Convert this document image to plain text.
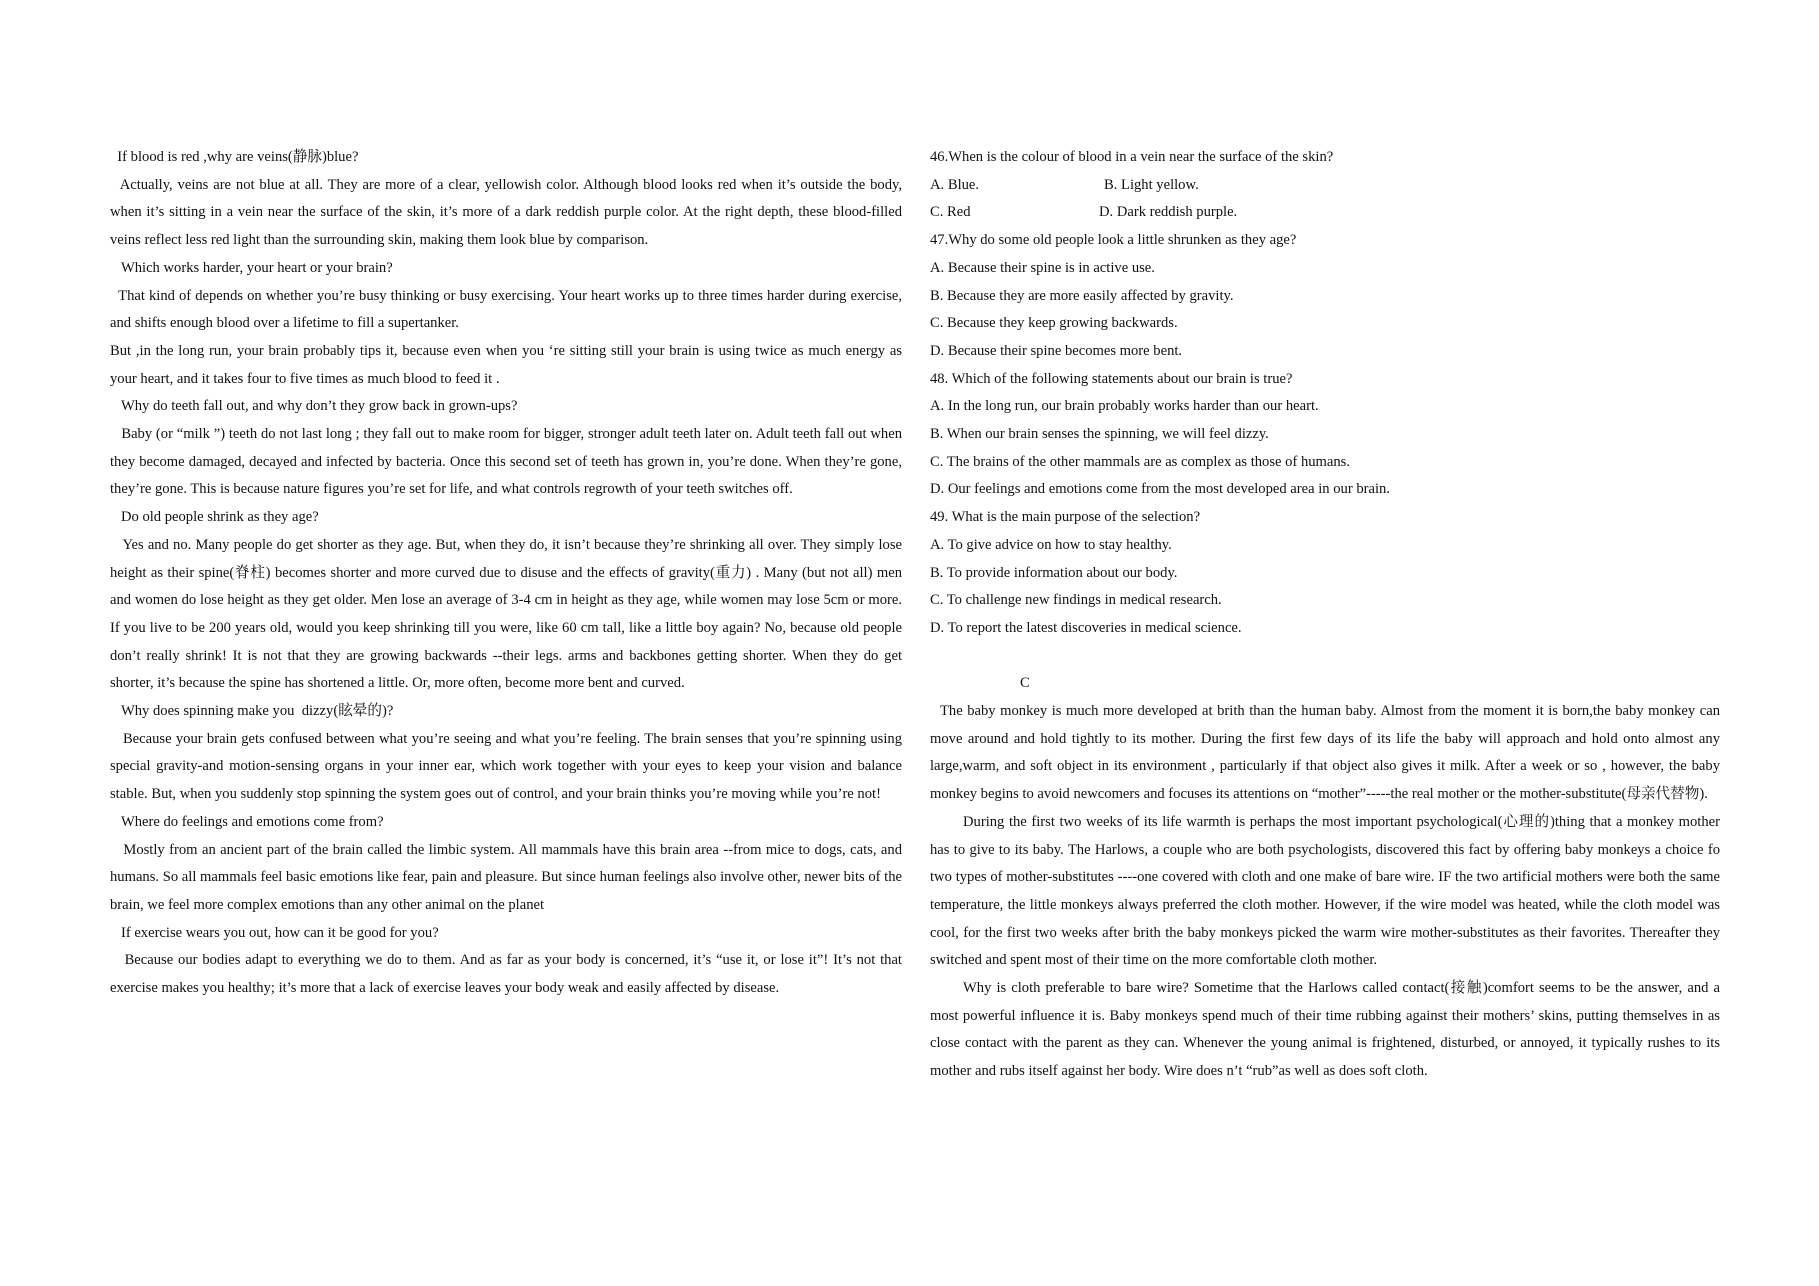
If blood is red ,why are veins(静脉)blue?

Actually, veins are not blue at all. They are more of a clear, yellowish color. Although blood looks red when it’s outside the body, when it’s sitting in a vein near the surface of the skin, it’s more of a dark reddish purple color. At the right depth, these blood-filled veins reflect less red light than the surrounding skin, making them look blue by comparison.

Which works harder, your heart or your brain?

That kind of depends on whether you’re busy thinking or busy exercising. Your heart works up to three times harder during exercise, and shifts enough blood over a lifetime to fill a supertanker.

But ,in the long run, your brain probably tips it, because even when you ‘re sitting still your brain is using twice as much energy as your heart, and it takes four to five times as much blood to feed it .

Why do teeth fall out, and why don’t they grow back in grown-ups?

Baby (or “milk ”) teeth do not last long ; they fall out to make room for bigger, stronger adult teeth later on. Adult teeth fall out when they become damaged, decayed and infected by bacteria. Once this second set of teeth has grown in, you’re done. When they’re gone, they’re gone. This is because nature figures you’re set for life, and what controls regrowth of your teeth switches off.

Do old people shrink as they age?

Yes and no. Many people do get shorter as they age. But, when they do, it isn’t because they’re shrinking all over. They simply lose height as their spine(脊柱) becomes shorter and more curved due to disuse and the effects of gravity(重力) . Many (but not all) men and women do lose height as they get older. Men lose an average of 3-4 cm in height as they age, while women may lose 5cm or more. If you live to be 200 years old, would you keep shrinking till you were, like 60 cm tall, like a little boy again? No, because old people don’t really shrink! It is not that they are growing backwards --their legs. arms and backbones getting shorter. When they do get shorter, it’s because the spine has shortened a little. Or, more often, become more bent and curved.

Why does spinning make you  dizzy(眩晕的)?

Because your brain gets confused between what you’re seeing and what you’re feeling. The brain senses that you’re spinning using special gravity-and motion-sensing organs in your inner ear, which work together with your eyes to keep your vision and balance stable. But, when you suddenly stop spinning the system goes out of control, and your brain thinks you’re moving while you’re not!

Where do feelings and emotions come from?

Mostly from an ancient part of the brain called the limbic system. All mammals have this brain area --from mice to dogs, cats, and humans. So all mammals feel basic emotions like fear, pain and pleasure. But since human feelings also involve other, newer bits of the brain, we feel more complex emotions than any other animal on the planet

If exercise wears you out, how can it be good for you?

Because our bodies adapt to everything we do to them. And as far as your body is concerned, it’s “use it, or lose it”! It’s not that exercise makes you healthy; it’s more that a lack of exercise leaves your body weak and easily affected by disease.

46.When is the colour of blood in a vein near the surface of the skin?

A. Blue.	B. Light yellow.
C. Red	D. Dark reddish purple.

47.Why do some old people look a little shrunken as they age?

A. Because their spine is in active use.

B. Because they are more easily affected by gravity.

C. Because they keep growing backwards.

D. Because their spine becomes more bent.

48. Which of the following statements about our brain is true?

A. In the long run, our brain probably works harder than our heart.

B. When our brain senses the spinning, we will feel dizzy.

C. The brains of the other mammals are as complex as those of humans.

D. Our feelings and emotions come from the most developed area in our brain.

49. What is the main purpose of the selection?

A. To give advice on how to stay healthy.

B. To provide information about our body.

C. To challenge new findings in medical research.

D. To report the latest discoveries in medical science.

C

The baby monkey is much more developed at brith than the human baby. Almost from the moment it is born,the baby monkey can move around and hold tightly to its mother. During the first few days of its life the baby will approach and hold onto almost any large,warm, and soft object in its environment , particularly if that object also gives it milk. After a week or so , however, the baby monkey begins to avoid newcomers and focuses its attentions on “mother”-----the real mother or the mother-substitute(母亲代替物).

During the first two weeks of its life warmth is perhaps the most important psychological(心理的)thing that a monkey mother has to give to its baby. The Harlows, a couple who are both psychologists, discovered this fact by offering baby monkeys a choice fo two types of mother-substitutes ----one covered with cloth and one make of bare wire. IF the two artificial mothers were both the same temperature, the little monkeys always preferred the cloth mother. However, if the wire model was heated, while the cloth model was cool, for the first two weeks after brith the baby monkeys picked the warm wire mother-substitutes as their favorites. Thereafter they switched and spent most of their time on the more comfortable cloth mother.

Why is cloth preferable to bare wire? Sometime that the Harlows called contact(接触)comfort seems to be the answer, and a most powerful influence it is. Baby monkeys spend much of their time rubbing against their mothers’ skins, putting themselves in as close contact with the parent as they can. Whenever the young animal is frightened, disturbed, or annoyed, it typically rushes to its mother and rubs itself against her body. Wire does n’t “rub”as well as does soft cloth.
